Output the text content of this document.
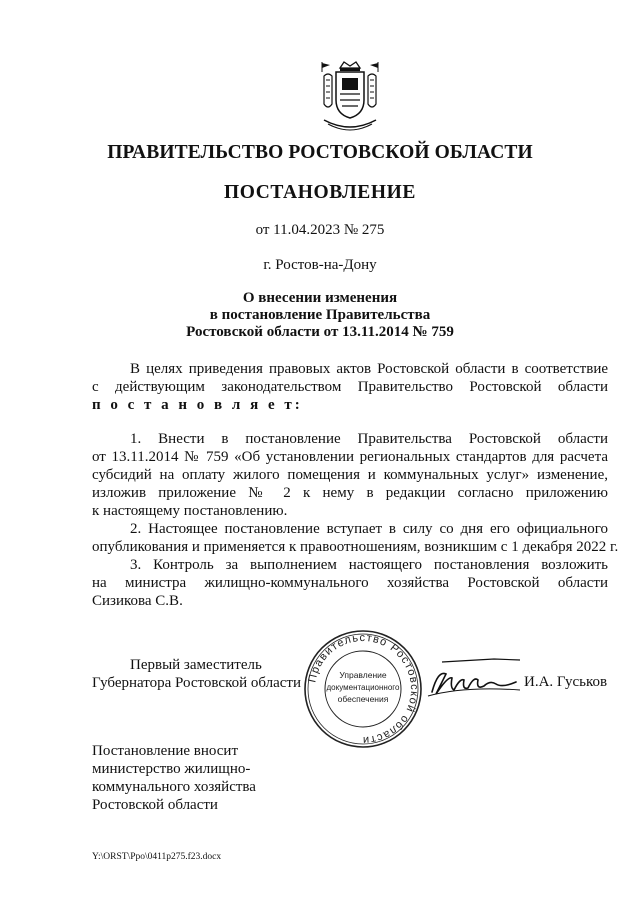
ПРАВИТЕЛЬСТВО РОСТОВСКОЙ ОБЛАСТИ
ПОСТАНОВЛЕНИЕ
от 11.04.2023 № 275
г. Ростов-на-Дону
О внесении изменения
в постановление Правительства
Ростовской области от 13.11.2014 № 759
В целях приведения правовых актов Ростовской области в соответствие
с действующим законодательством Правительство Ростовской области
п о с т а н о в л я е т:
1. Внести в постановление Правительства Ростовской области
от 13.11.2014 № 759 «Об установлении региональных стандартов для расчета
субсидий на оплату жилого помещения и коммунальных услуг» изменение,
изложив приложение № 2 к нему в редакции согласно приложению
к настоящему постановлению.
2. Настоящее постановление вступает в силу со дня его официального
опубликования и применяется к правоотношениям, возникшим с 1 декабря 2022 г.
3. Контроль за выполнением настоящего постановления возложить
на министра жилищно-коммунального хозяйства Ростовской области
Сизикова С.В.
Первый заместитель
Губернатора Ростовской области Правительство Ростовской области
Управление
документационного
обеспечения
И.А. Гуськов
Постановление вносит
министерство жилищно-
коммунального хозяйства
Ростовской области
Y:\ORST\Ppo\0411p275.f23.docx
